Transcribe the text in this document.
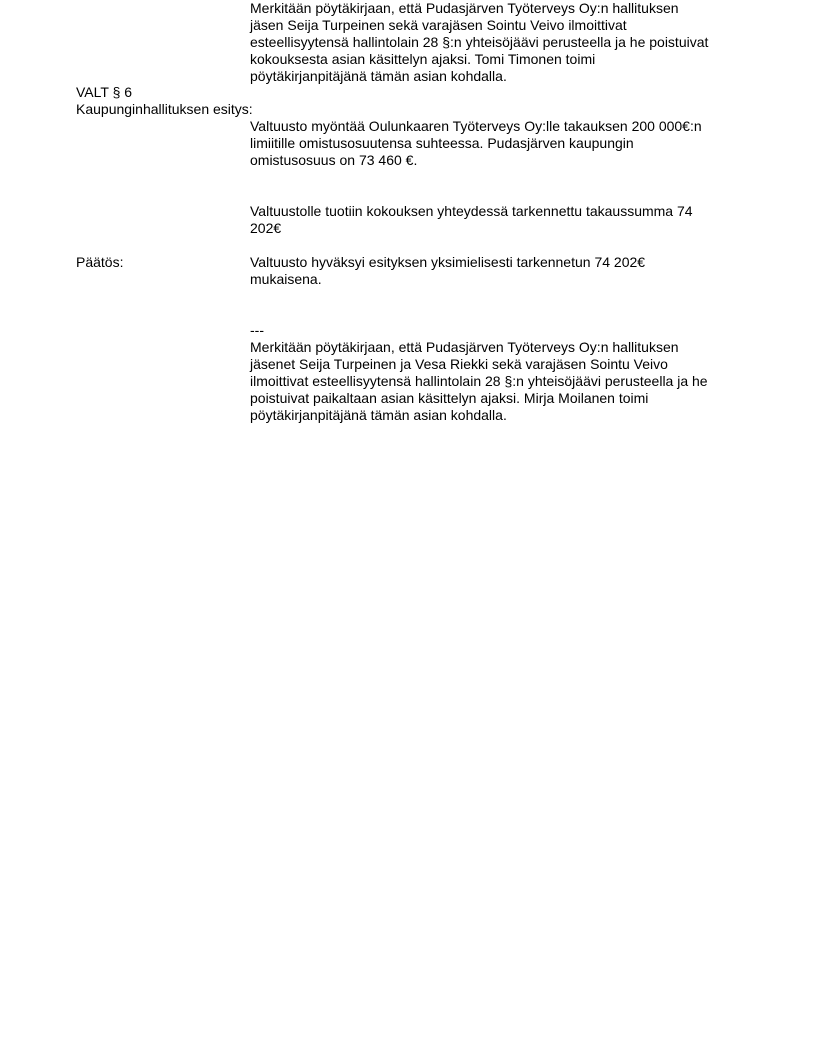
Merkitään pöytäkirjaan, että Pudasjärven Työterveys Oy:n hallituksen
jäsen Seija Turpeinen sekä varajäsen Sointu Veivo ilmoittivat
esteellisyytensä hallintolain 28 §:n yhteisöjäävi perusteella ja he poistuivat
kokouksesta asian käsittelyn ajaksi. Tomi Timonen toimi
pöytäkirjanpitäjänä tämän asian kohdalla.

VALT § 6

Kaupunginhallituksen esitys:

Valtuusto myöntää Oulunkaaren Työterveys Oy:lle takauksen 200 000€:n
limiitille omistusosuutensa suhteessa. Pudasjärven kaupungin
omistusosuus on 73 460 €.

Valtuustolle tuotiin kokouksen yhteydessä tarkennettu takaussumma 74
202€

Päätös:	Valtuusto hyväksyi esityksen yksimielisesti tarkennetun 74 202€
mukaisena.

---

Merkitään pöytäkirjaan, että Pudasjärven Työterveys Oy:n hallituksen
jäsenet Seija Turpeinen ja Vesa Riekki sekä varajäsen Sointu Veivo
ilmoittivat esteellisyytensä hallintolain 28 §:n yhteisöjäävi perusteella ja he
poistuivat paikaltaan asian käsittelyn ajaksi. Mirja Moilanen toimi
pöytäkirjanpitäjänä tämän asian kohdalla.
